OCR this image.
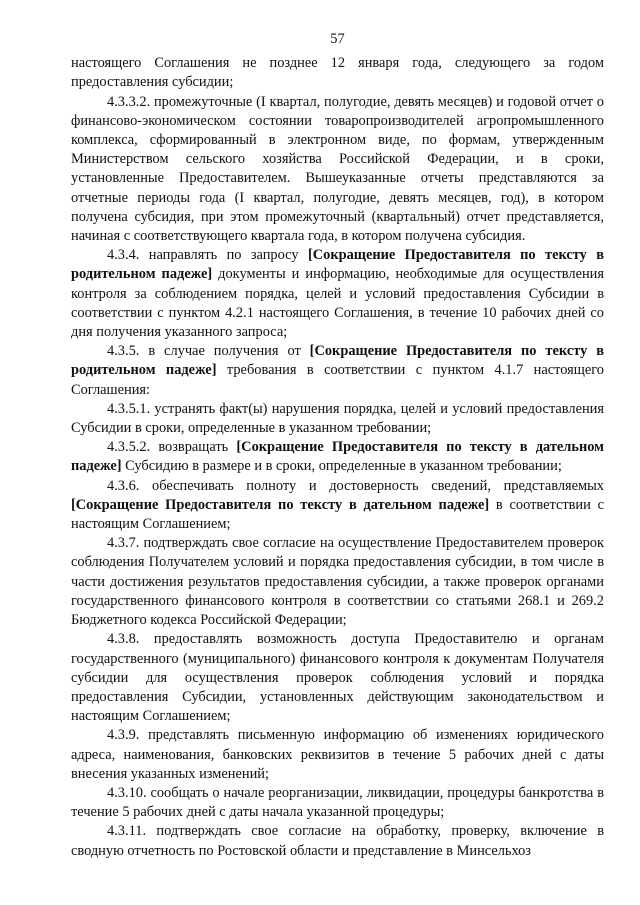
57

настоящего Соглашения не позднее 12 января года, следующего за годом предоставления субсидии;

4.3.3.2. промежуточные (I квартал, полугодие, девять месяцев) и годовой отчет о финансово-экономическом состоянии товаропроизводителей агропромышленного комплекса, сформированный в электронном виде, по формам, утвержденным Министерством сельского хозяйства Российской Федерации, и в сроки, установленные Предоставителем. Вышеуказанные отчеты представляются за отчетные периоды года (I квартал, полугодие, девять месяцев, год), в котором получена субсидия, при этом промежуточный (квартальный) отчет представляется, начиная с соответствующего квартала года, в котором получена субсидия.

4.3.4. направлять по запросу [Сокращение Предоставителя по тексту в родительном падеже] документы и информацию, необходимые для осуществления контроля за соблюдением порядка, целей и условий предоставления Субсидии в соответствии с пунктом 4.2.1 настоящего Соглашения, в течение 10 рабочих дней со дня получения указанного запроса;

4.3.5. в случае получения от [Сокращение Предоставителя по тексту в родительном падеже] требования в соответствии с пунктом 4.1.7 настоящего Соглашения:

4.3.5.1. устранять факт(ы) нарушения порядка, целей и условий предоставления Субсидии в сроки, определенные в указанном требовании;

4.3.5.2. возвращать [Сокращение Предоставителя по тексту в дательном падеже] Субсидию в размере и в сроки, определенные в указанном требовании;

4.3.6. обеспечивать полноту и достоверность сведений, представляемых [Сокращение Предоставителя по тексту в дательном падеже] в соответствии с настоящим Соглашением;

4.3.7. подтверждать свое согласие на осуществление Предоставителем проверок соблюдения Получателем условий и порядка предоставления субсидии, в том числе в части достижения результатов предоставления субсидии, а также проверок органами государственного финансового контроля в соответствии со статьями 268.1 и 269.2 Бюджетного кодекса Российской Федерации;

4.3.8. предоставлять возможность доступа Предоставителю и органам государственного (муниципального) финансового контроля к документам Получателя субсидии для осуществления проверок соблюдения условий и порядка предоставления Субсидии, установленных действующим законодательством и настоящим Соглашением;

4.3.9. представлять письменную информацию об изменениях юридического адреса, наименования, банковских реквизитов в течение 5 рабочих дней с даты внесения указанных изменений;

4.3.10. сообщать о начале реорганизации, ликвидации, процедуры банкротства в течение 5 рабочих дней с даты начала указанной процедуры;

4.3.11. подтверждать свое согласие на обработку, проверку, включение в сводную отчетность по Ростовской области и представление в Минсельхоз
